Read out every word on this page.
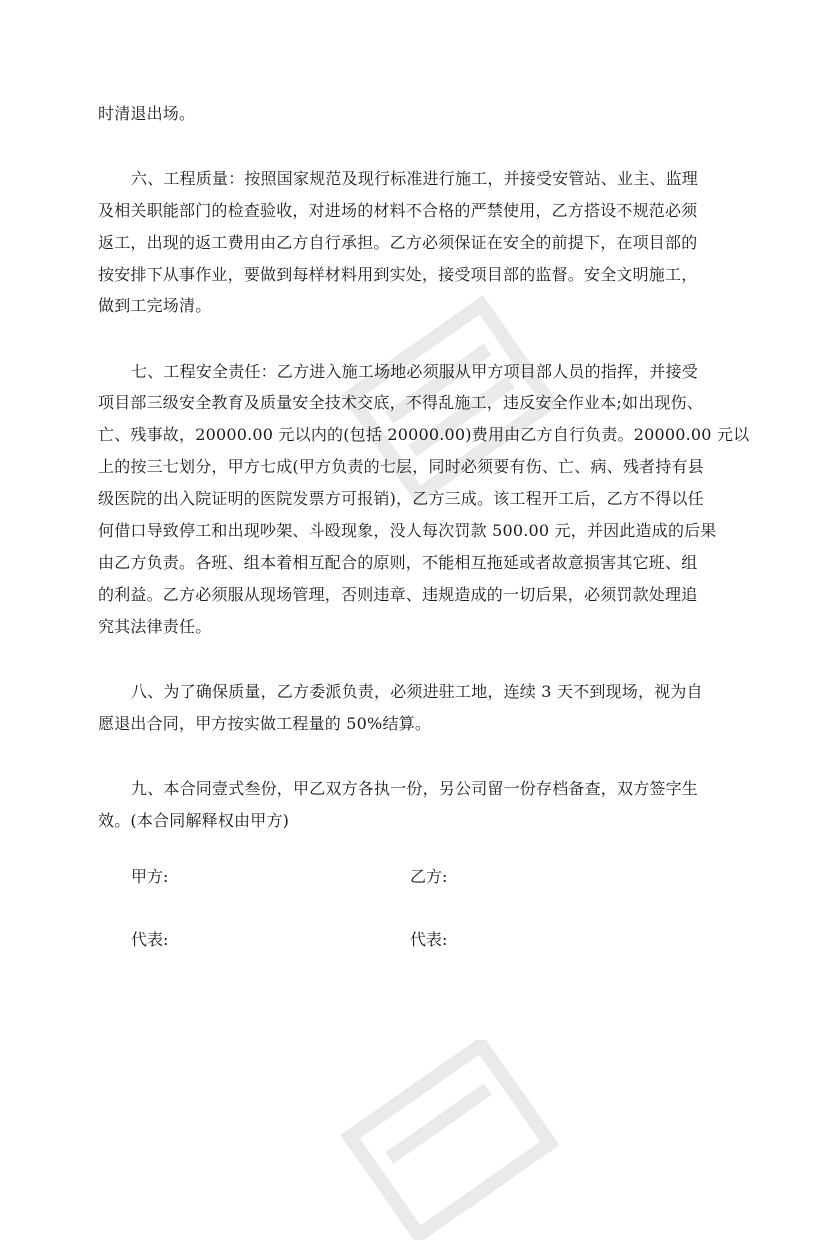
时清退出场。
六、工程质量：按照国家规范及现行标准进行施工，并接受安管站、业主、监理
及相关职能部门的检查验收，对进场的材料不合格的严禁使用，乙方搭设不规范必须
返工，出现的返工费用由乙方自行承担。乙方必须保证在安全的前提下，在项目部的
按安排下从事作业，要做到每样材料用到实处，接受项目部的监督。安全文明施工，
做到工完场清。
七、工程安全责任：乙方进入施工场地必须服从甲方项目部人员的指挥，并接受
项目部三级安全教育及质量安全技术交底，不得乱施工，违反安全作业本;如出现伤、
亡、残事故，20000.00 元以内的(包括 20000.00)费用由乙方自行负责。20000.00 元以
上的按三七划分，甲方七成(甲方负责的七层，同时必须要有伤、亡、病、残者持有县
级医院的出入院证明的医院发票方可报销)，乙方三成。该工程开工后，乙方不得以任
何借口导致停工和出现吵架、斗殴现象，没人每次罚款 500.00 元，并因此造成的后果
由乙方负责。各班、组本着相互配合的原则，不能相互拖延或者故意损害其它班、组
的利益。乙方必须服从现场管理，否则违章、违规造成的一切后果，必须罚款处理追
究其法律责任。
八、为了确保质量，乙方委派负责，必须进驻工地，连续 3 天不到现场，视为自
愿退出合同，甲方按实做工程量的 50%结算。
九、本合同壹式叁份，甲乙双方各执一份，另公司留一份存档备查，双方签字生
效。(本合同解释权由甲方)
甲方:	乙方:
代表:	代表:
